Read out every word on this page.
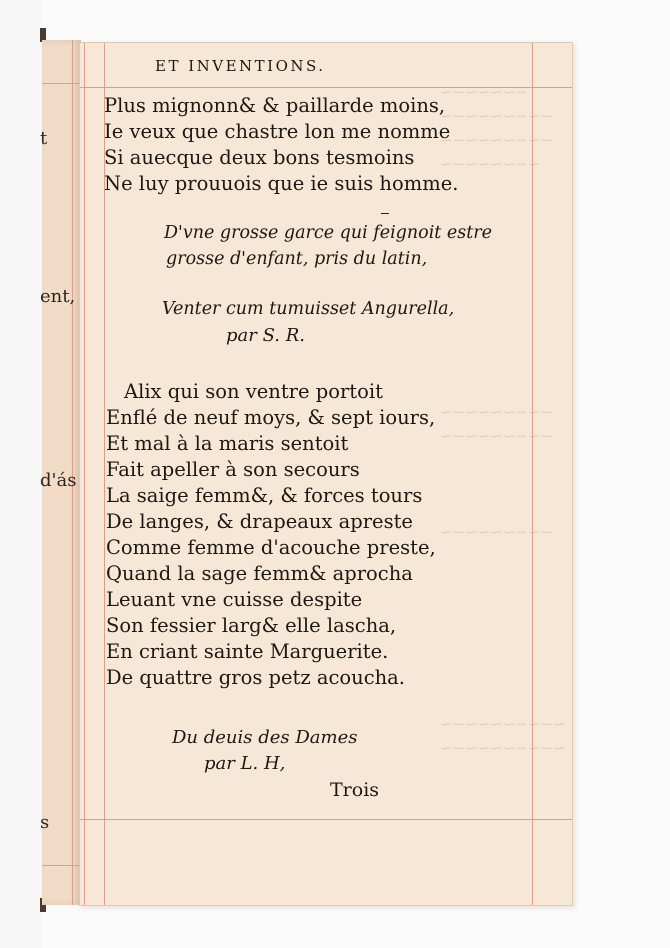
t
ent,
d'ás
s
~~~~~~~
~~~~~~~~~
~~~~~~~~~
~~~~~~~~
~~~~~~~~~
~~~~~~~~~
~~~~~~~~~
~~~~~~~~~~
~~~~~~~~~~
ET INVENTIONS.
Plus mignonn& & paillarde moins,
Ie veux que chastre lon me nomme
Si auecque deux bons tesmoins
Ne luy prouuois que ie suis homme.
D'vne grosse garce qui feignoit estre
grosse d'enfant, pris du latin,
Venter cum tumuisset Angurella,
par S. R.
Alix qui son ventre portoit
Enflé de neuf moys, & sept iours,
Et mal à la maris sentoit
Fait apeller à son secours
La saige femm&, & forces tours
De langes, & drapeaux apreste
Comme femme d'acouche preste,
Quand la sage femm& aprocha
Leuant vne cuisse despite
Son fessier larg& elle lascha,
En criant sainte Marguerite.
De quattre gros petz acoucha.
Du deuis des Dames
par L. H,
Trois
